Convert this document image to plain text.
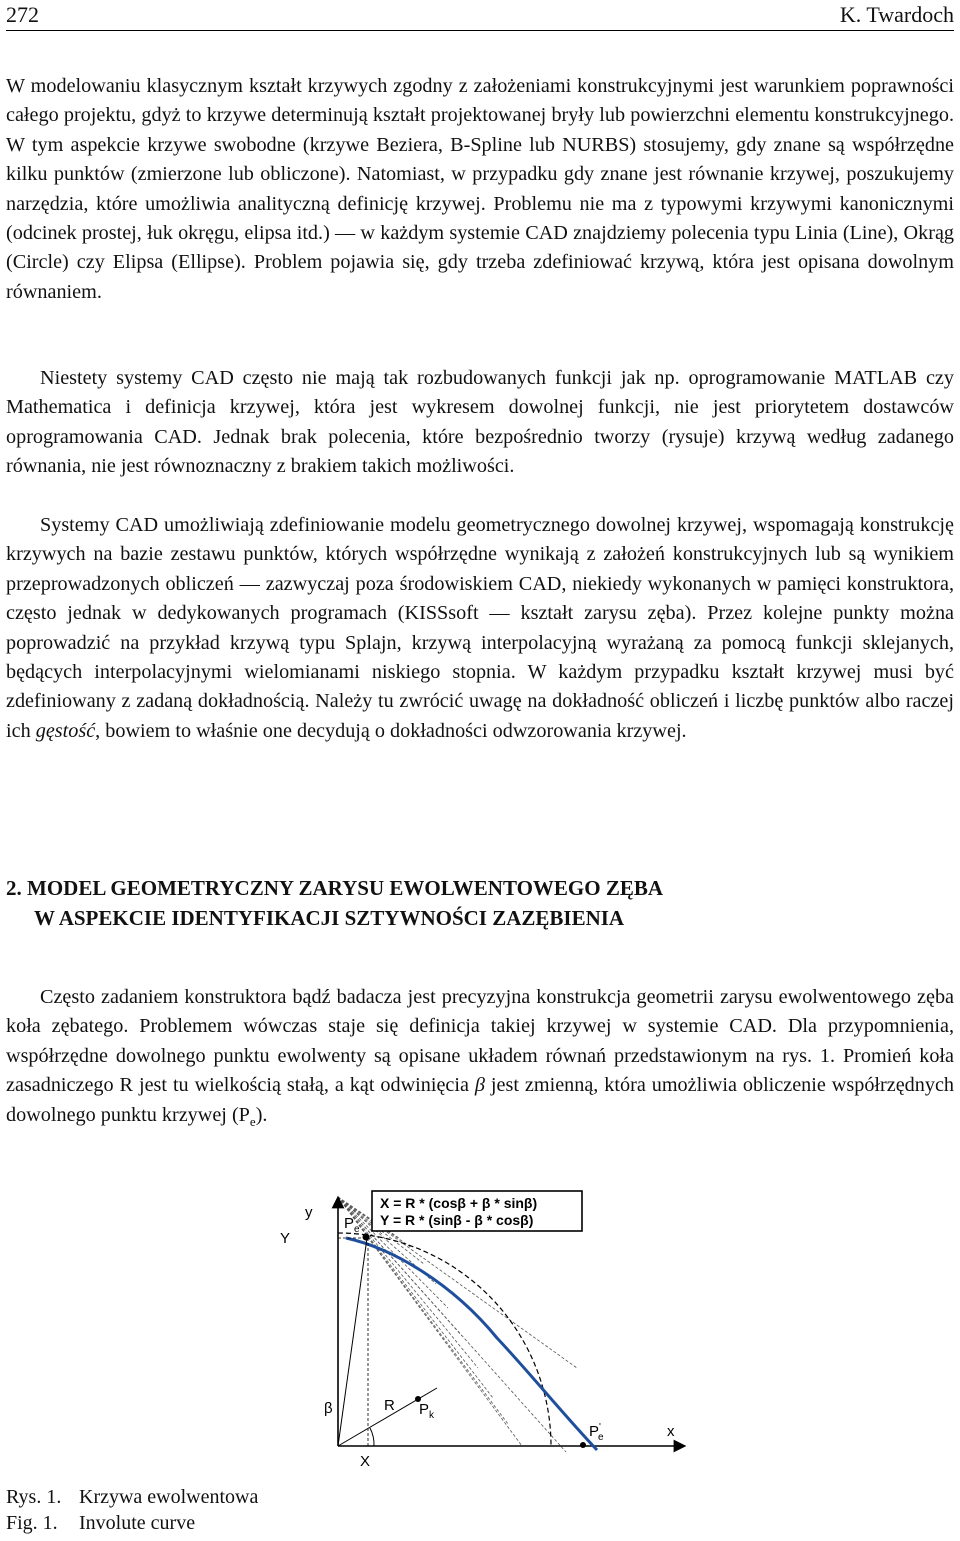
272	K. Twardoch

W modelowaniu klasycznym kształt krzywych zgodny z założeniami konstrukcyjnymi jest warunkiem poprawności całego projektu, gdyż to krzywe determinują kształt projektowanej bryły lub powierzchni elementu konstrukcyjnego. W tym aspekcie krzywe swobodne (krzywe Beziera, B-Spline lub NURBS) stosujemy, gdy znane są współrzędne kilku punktów (zmierzone lub obliczone). Natomiast, w przypadku gdy znane jest równanie krzywej, poszukujemy narzędzia, które umożliwia analityczną definicję krzywej. Problemu nie ma z typowymi krzywymi kanonicznymi (odcinek prostej, łuk okręgu, elipsa itd.) — w każdym systemie CAD znajdziemy polecenia typu Linia (Line), Okrąg (Circle) czy Elipsa (Ellipse). Problem pojawia się, gdy trzeba zdefiniować krzywą, która jest opisana dowolnym równaniem.

Niestety systemy CAD często nie mają tak rozbudowanych funkcji jak np. oprogramowanie MATLAB czy Mathematica i definicja krzywej, która jest wykresem dowolnej funkcji, nie jest priorytetem dostawców oprogramowania CAD. Jednak brak polecenia, które bezpośrednio tworzy (rysuje) krzywą według zadanego równania, nie jest równoznaczny z brakiem takich możliwości.

Systemy CAD umożliwiają zdefiniowanie modelu geometrycznego dowolnej krzywej, wspomagają konstrukcję krzywych na bazie zestawu punktów, których współrzędne wynikają z założeń konstrukcyjnych lub są wynikiem przeprowadzonych obliczeń — zazwyczaj poza środowiskiem CAD, niekiedy wykonanych w pamięci konstruktora, często jednak w dedykowanych programach (KISSsoft — kształt zarysu zęba). Przez kolejne punkty można poprowadzić na przykład krzywą typu Splajn, krzywą interpolacyjną wyrażaną za pomocą funkcji sklejanych, będących interpolacyjnymi wielomianami niskiego stopnia. W każdym przypadku kształt krzywej musi być zdefiniowany z zadaną dokładnością. Należy tu zwrócić uwagę na dokładność obliczeń i liczbę punktów albo raczej ich gęstość, bowiem to właśnie one decydują o dokładności odwzorowania krzywej.

2. MODEL GEOMETRYCZNY ZARYSU EWOLWENTOWEGO ZĘBA
W ASPEKCIE IDENTYFIKACJI SZTYWNOŚCI ZAZĘBIENIA

Często zadaniem konstruktora bądź badacza jest precyzyjna konstrukcja geometrii zarysu ewolwentowego zęba koła zębatego. Problemem wówczas staje się definicja takiej krzywej w systemie CAD. Dla przypomnienia, współrzędne dowolnego punktu ewolwenty są opisane układem równań przedstawionym na rys. 1. Promień koła zasadniczego R jest tu wielkością stałą, a kąt odwinięcia β jest zmienną, która umożliwia obliczenie współrzędnych dowolnego punktu krzywej $(P_e)$.

X = R * (cosβ + β * sinβ)
Y = R * (sinβ - β * cosβ)
y
Y
x
X
β	R
$P_e$
P' e
$P_k$
Rys. 1. Krzywa ewolwentowa
Fig. 1. Involute curve
